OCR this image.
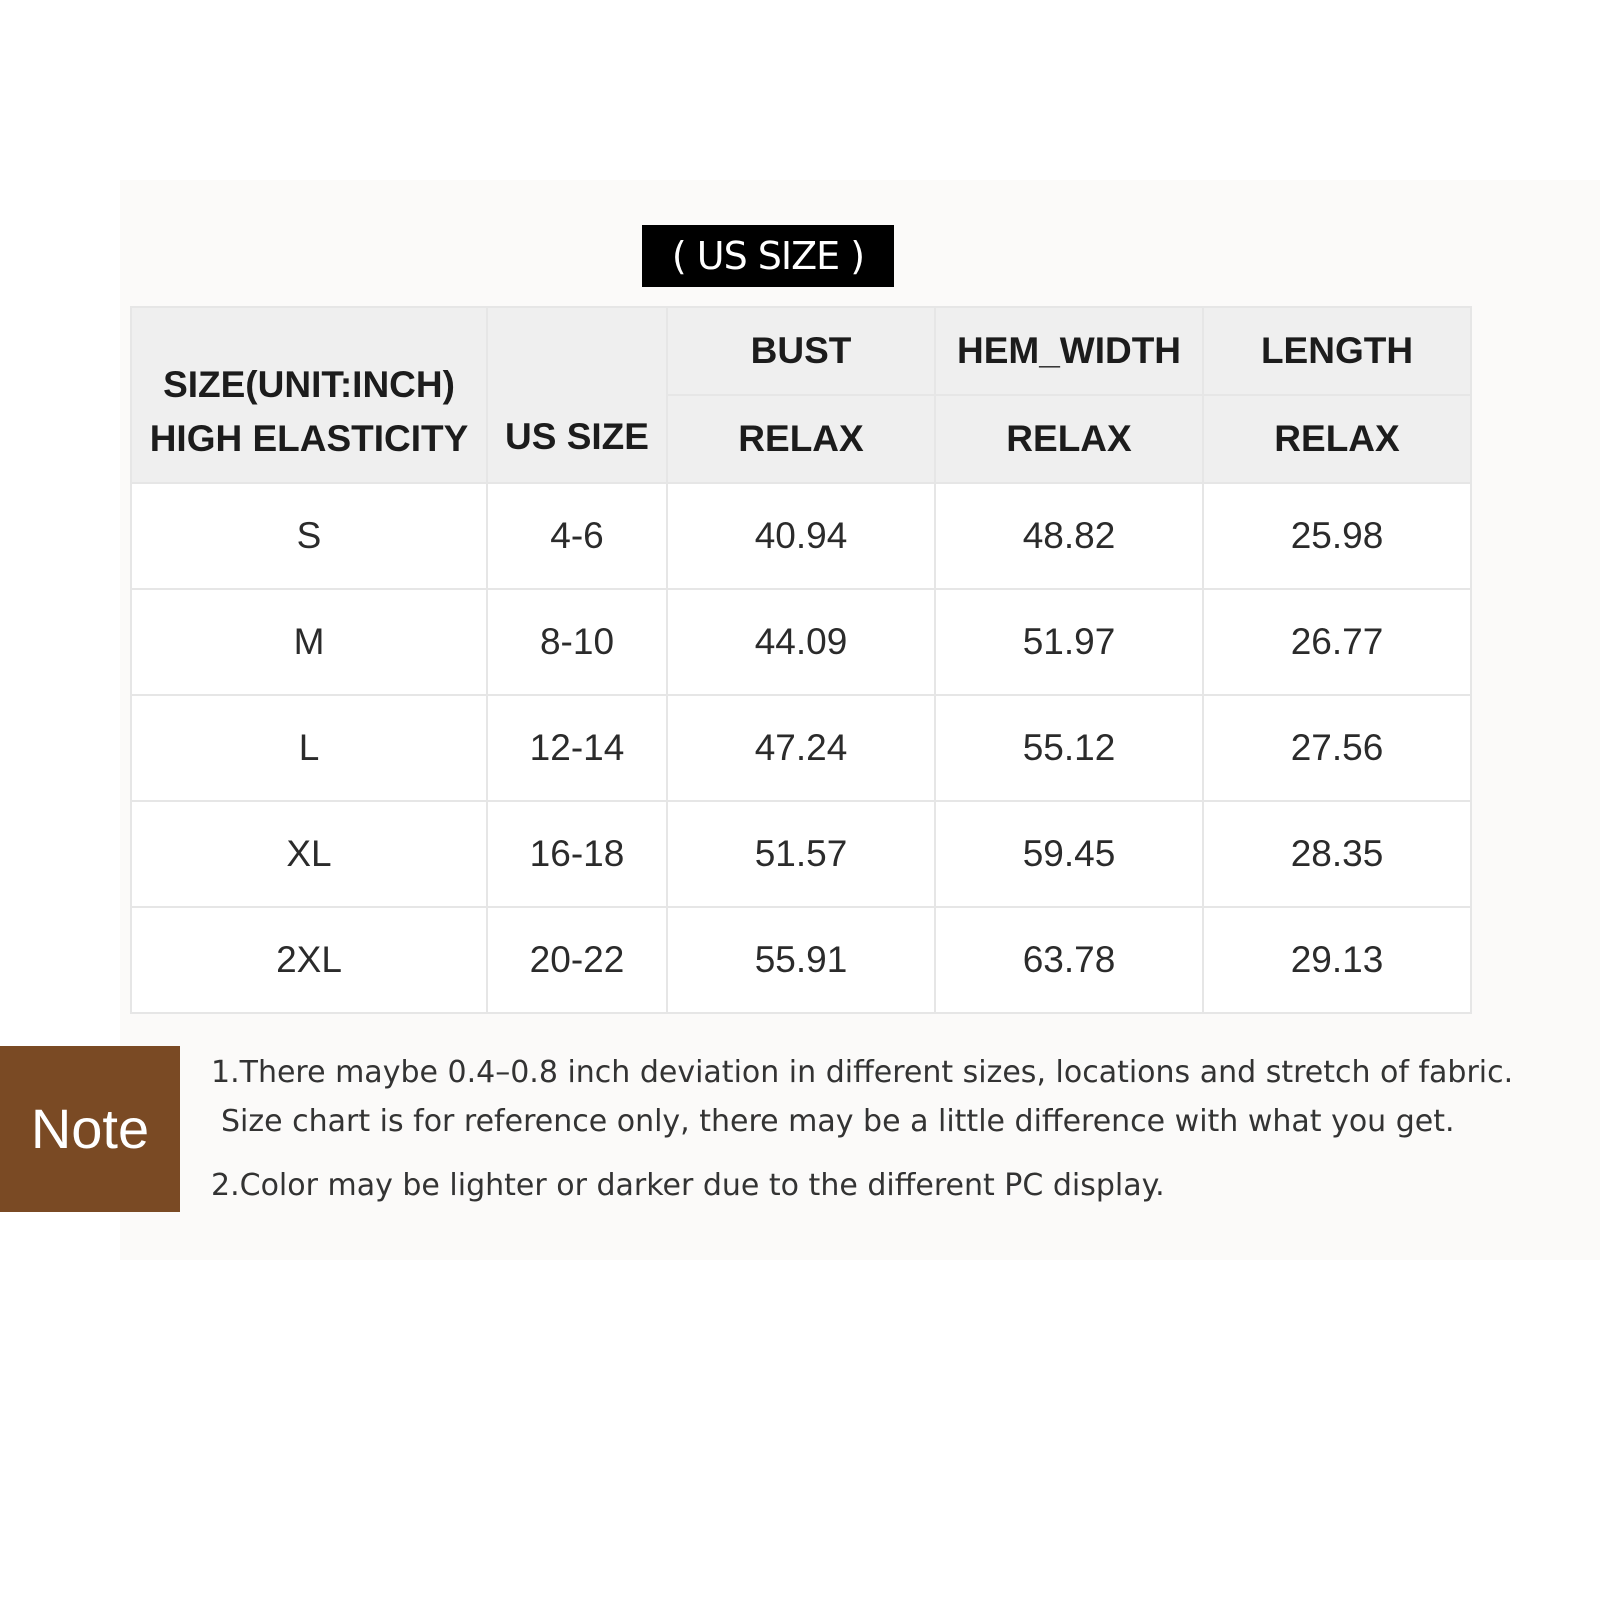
( US SIZE )
SIZE(UNIT:INCH)
HIGH ELASTICITY	US SIZE	BUST	HEM_WIDTH	LENGTH
		RELAX	RELAX	RELAX
S	4-6	40.94	48.82	25.98
M	8-10	44.09	51.97	26.77
L	12-14	47.24	55.12	27.56
XL	16-18	51.57	59.45	28.35
2XL	20-22	55.91	63.78	29.13
Note
1.There maybe 0.4–0.8 inch deviation in different sizes, locations and stretch of fabric.
Size chart is for reference only, there may be a little difference with what you get.
2.Color may be lighter or darker due to the different PC display.
